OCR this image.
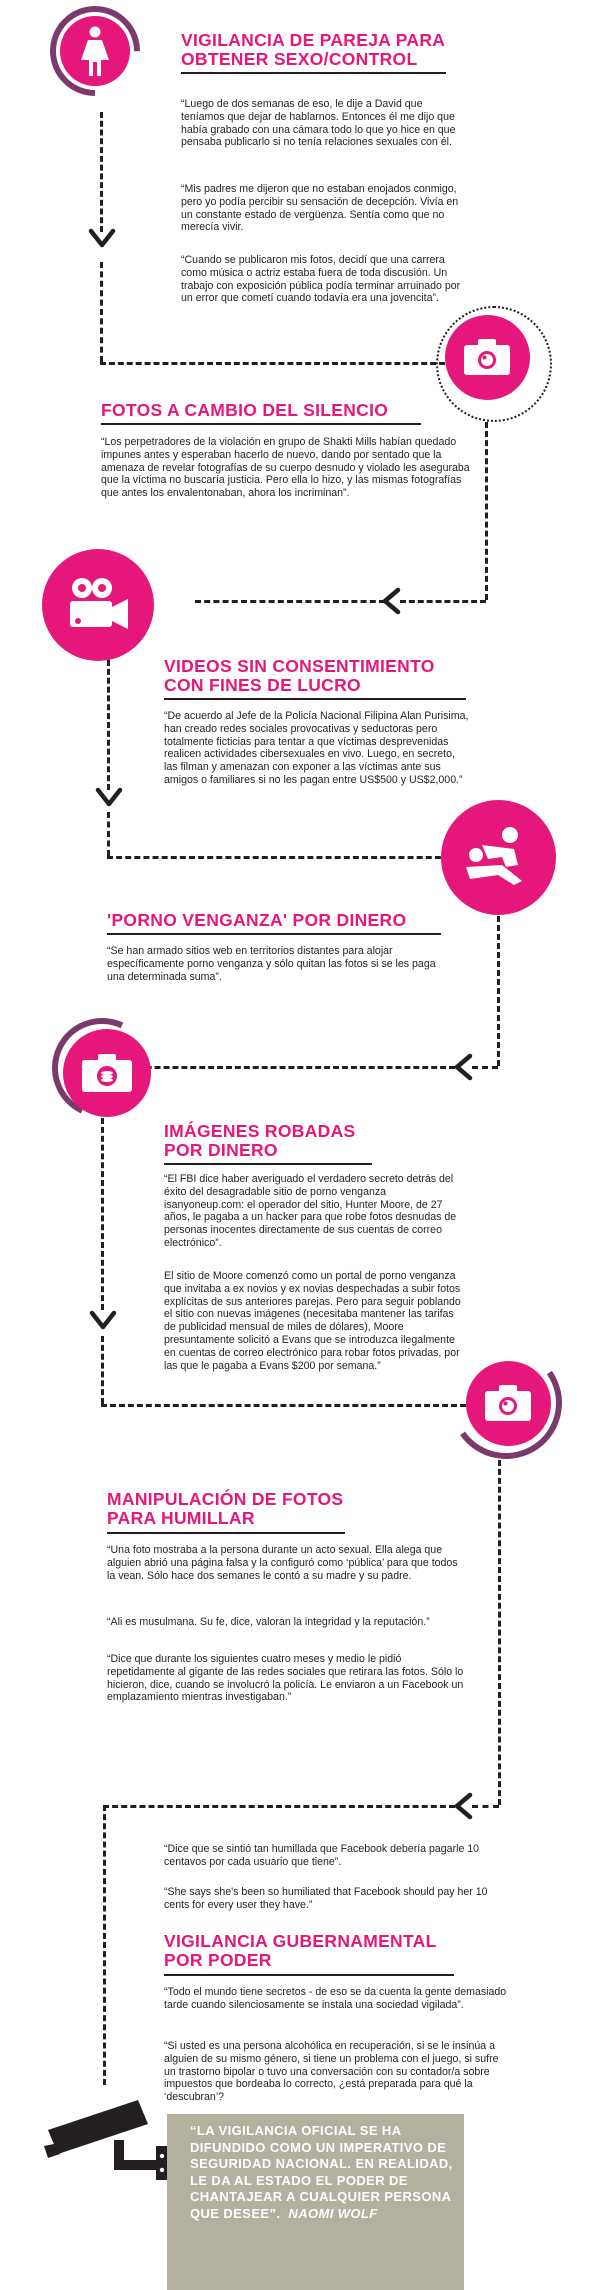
VIGILANCIA DE PAREJA PARA
OBTENER SEXO/CONTROL

“Luego de dos semanas de eso, le dije a David que teníamos que dejar de hablarnos. Entonces él me dijo que había grabado con una cámara todo lo que yo hice en que pensaba publicarlo si no tenía relaciones sexuales con él.

“Mis padres me dijeron que no estaban enojados conmigo, pero yo podía percibir su sensación de decepción. Vivía en un constante estado de vergüenza. Sentía como que no merecía vivir.

“Cuando se publicaron mis fotos, decidí que una carrera como música o actriz estaba fuera de toda discusión. Un trabajo con exposición pública podía terminar arruinado por un error que cometí cuando todavía era una jovencita”.

FOTOS A CAMBIO DEL SILENCIO

“Los perpetradores de la violación en grupo de Shakti Mills habían quedado impunes antes y esperaban hacerlo de nuevo, dando por sentado que la amenaza de revelar fotografías de su cuerpo desnudo y violado les aseguraba que la víctima no buscaría justicia. Pero ella lo hizo, y las mismas fotografías que antes los envalentonaban, ahora los incriminan”.

VIDEOS SIN CONSENTIMIENTO
CON FINES DE LUCRO

“De acuerdo al Jefe de la Policía Nacional Filipina Alan Purisima, han creado redes sociales provocativas y seductoras pero totalmente ficticias para tentar a que víctimas desprevenidas realicen actividades cibersexuales en vivo. Luego, en secreto, las filman y amenazan con exponer a las víctimas ante sus amigos o familiares si no les pagan entre US$500 y US$2,000.”

'PORNO VENGANZA' POR DINERO

“Se han armado sitios web en territorios distantes para alojar específicamente porno venganza y sólo quitan las fotos si se les paga una determinada suma”.

IMÁGENES ROBADAS
POR DINERO

“El FBI dice haber averiguado el verdadero secreto detrás del éxito del desagradable sitio de porno venganza isanyoneup.com: el operador del sitio, Hunter Moore, de 27 años, le pagaba a un hacker para que robe fotos desnudas de personas inocentes directamente de sus cuentas de correo electrónico”.

El sitio de Moore comenzó como un portal de porno venganza que invitaba a ex novios y ex novias despechadas a subir fotos explícitas de sus anteriores parejas. Pero para seguir poblando el sitio con nuevas imágenes (necesitaba mantener las tarifas de publicidad mensual de miles de dólares), Moore presuntamente solicitó a Evans que se introduzca ilegalmente en cuentas de correo electrónico para robar fotos privadas, por las que le pagaba a Evans $200 por semana.”

MANIPULACIÓN DE FOTOS
PARA HUMILLAR

“Una foto mostraba a la persona durante un acto sexual. Ella alega que alguien abrió una página falsa y la configuró como ‘pública’ para que todos la vean. Sólo hace dos semanes le contó a su madre y su padre.

“Ali es musulmana. Su fe, dice, valoran la integridad y la reputación.”

“Dice que durante los siguientes cuatro meses y medio le pidió repetidamente al gigante de las redes sociales que retirara las fotos. Sólo lo hicieron, dice, cuando se involucró la policía. Le enviaron a un Facebook un emplazamiento mientras investigaban.”

“Dice que se sintió tan humillada que Facebook debería pagarle 10 centavos por cada usuario que tiene”.

“She says she's been so humiliated that Facebook should pay her 10 cents for every user they have.”

VIGILANCIA GUBERNAMENTAL
POR PODER

“Todo el mundo tiene secretos - de eso se da cuenta la gente demasiado tarde cuando silenciosamente se instala una sociedad vigilada”.

“Si usted es una persona alcohólica en recuperación, si se le insinúa a alguien de su mismo género, si tiene un problema con el juego, si sufre un trastorno bipolar o tuvo una conversación con su contador/a sobre impuestos que bordeaba lo correcto, ¿está preparada para qué la ‘descubran’?

“LA VIGILANCIA OFICIAL SE HA
DIFUNDIDO COMO UN IMPERATIVO DE
SEGURIDAD NACIONAL. EN REALIDAD,
LE DA AL ESTADO EL PODER DE
CHANTAJEAR A CUALQUIER PERSONA
QUE DESEE”. NAOMI WOLF
